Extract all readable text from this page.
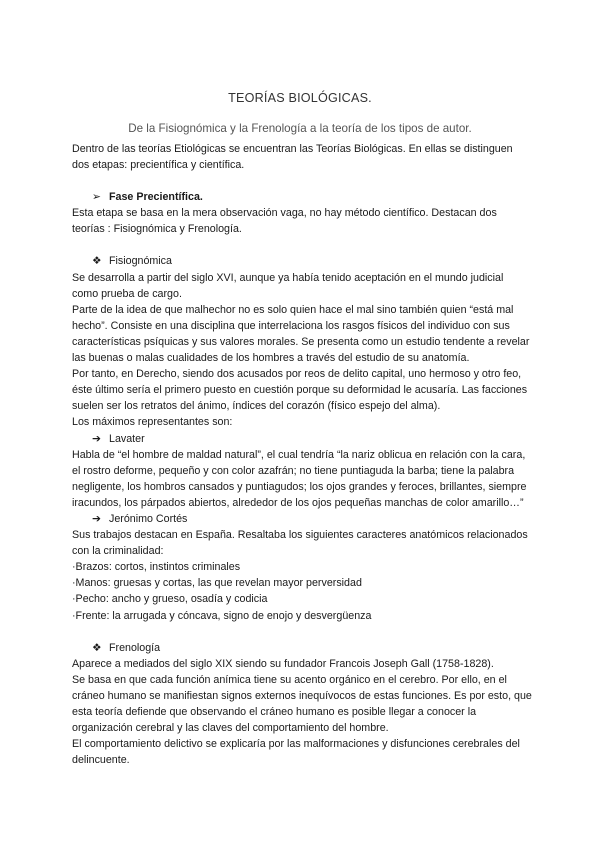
TEORÍAS BIOLÓGICAS.
De la Fisiognómica y la Frenología a la teoría de los tipos de autor.

Dentro de las teorías Etiológicas se encuentran las Teorías Biológicas. En ellas se distinguen dos etapas: precientífica y científica.

➢ Fase Precientífica.

Esta etapa se basa en la mera observación vaga, no hay método científico. Destacan dos teorías : Fisiognómica y Frenología.

❖ Fisiognómica

Se desarrolla a partir del siglo XVI, aunque ya había tenido aceptación en el mundo judicial como prueba de cargo.

Parte de la idea de que malhechor no es solo quien hace el mal sino también quien “está mal hecho”. Consiste en una disciplina que interrelaciona los rasgos físicos del individuo con sus características psíquicas y sus valores morales. Se presenta como un estudio tendente a revelar las buenas o malas cualidades de los hombres a través del estudio de su anatomía.

Por tanto, en Derecho, siendo dos acusados por reos de delito capital, uno hermoso y otro feo, éste último sería el primero puesto en cuestión porque su deformidad le acusaría. Las facciones suelen ser los retratos del ánimo, índices del corazón (físico espejo del alma).

Los máximos representantes son:

➔ Lavater

Habla de “el hombre de maldad natural”, el cual tendría “la nariz oblicua en relación con la cara, el rostro deforme, pequeño y con color azafrán; no tiene puntiaguda la barba; tiene la palabra negligente, los hombros cansados y puntiagudos; los ojos grandes y feroces, brillantes, siempre iracundos, los párpados abiertos, alrededor de los ojos pequeñas manchas de color amarillo…”

➔ Jerónimo Cortés

Sus trabajos destacan en España. Resaltaba los siguientes caracteres anatómicos relacionados con la criminalidad:

·Brazos: cortos, instintos criminales

·Manos: gruesas y cortas, las que revelan mayor perversidad

·Pecho: ancho y grueso, osadía y codicia

·Frente: la arrugada y cóncava, signo de enojo y desvergüenza

❖ Frenología

Aparece a mediados del siglo XIX siendo su fundador Francois Joseph Gall (1758-1828).

Se basa en que cada función anímica tiene su acento orgánico en el cerebro. Por ello, en el cráneo humano se manifiestan signos externos inequívocos de estas funciones. Es por esto, que esta teoría defiende que observando el cráneo humano es posible llegar a conocer la organización cerebral y las claves del comportamiento del hombre.

El comportamiento delictivo se explicaría por las malformaciones y disfunciones cerebrales del delincuente.
